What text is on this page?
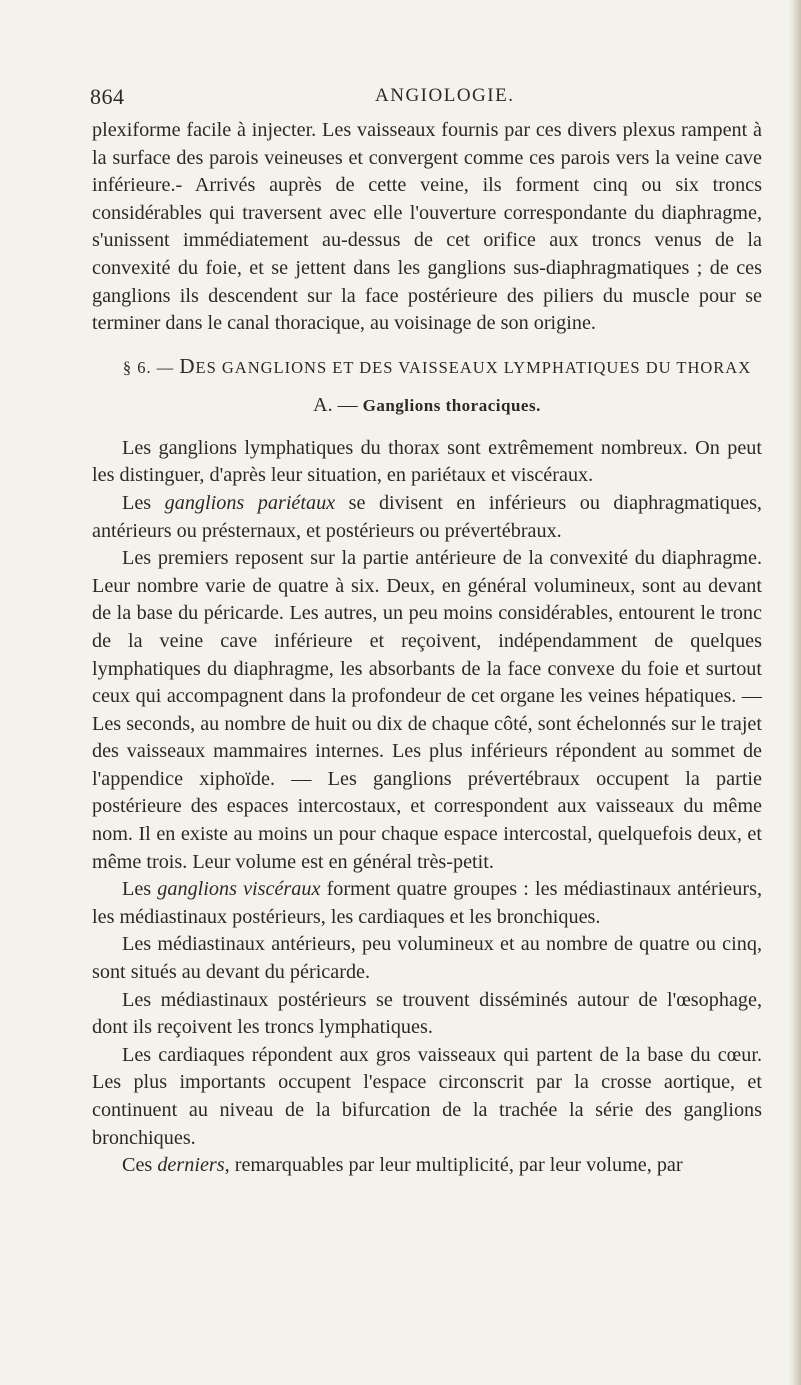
864	ANGIOLOGIE.

plexiforme facile à injecter. Les vaisseaux fournis par ces divers plexus rampent à la surface des parois veineuses et convergent comme ces parois vers la veine cave inférieure.- Arrivés auprès de cette veine, ils forment cinq ou six troncs considérables qui traversent avec elle l'ouverture correspondante du diaphragme, s'unissent immédiatement au-dessus de cet orifice aux troncs venus de la convexité du foie, et se jettent dans les ganglions sus-diaphragmatiques ; de ces ganglions ils descendent sur la face postérieure des piliers du muscle pour se terminer dans le canal thoracique, au voisinage de son origine.

§ 6. — DES GANGLIONS ET DES VAISSEAUX LYMPHATIQUES DU THORAX
A. — Ganglions thoraciques.

Les ganglions lymphatiques du thorax sont extrêmement nombreux. On peut les distinguer, d'après leur situation, en pariétaux et viscéraux.

Les ganglions pariétaux se divisent en inférieurs ou diaphragmatiques, antérieurs ou présternaux, et postérieurs ou prévertébraux.

Les premiers reposent sur la partie antérieure de la convexité du diaphragme. Leur nombre varie de quatre à six. Deux, en général volumineux, sont au devant de la base du péricarde. Les autres, un peu moins considérables, entourent le tronc de la veine cave inférieure et reçoivent, indépendamment de quelques lymphatiques du diaphragme, les absorbants de la face convexe du foie et surtout ceux qui accompagnent dans la profondeur de cet organe les veines hépatiques. — Les seconds, au nombre de huit ou dix de chaque côté, sont échelonnés sur le trajet des vaisseaux mammaires internes. Les plus inférieurs répondent au sommet de l'appendice xiphoïde. — Les ganglions prévertébraux occupent la partie postérieure des espaces intercostaux, et correspondent aux vaisseaux du même nom. Il en existe au moins un pour chaque espace intercostal, quelquefois deux, et même trois. Leur volume est en général très-petit.

Les ganglions viscéraux forment quatre groupes : les médiastinaux antérieurs, les médiastinaux postérieurs, les cardiaques et les bronchiques.

Les médiastinaux antérieurs, peu volumineux et au nombre de quatre ou cinq, sont situés au devant du péricarde.

Les médiastinaux postérieurs se trouvent disséminés autour de l'œsophage, dont ils reçoivent les troncs lymphatiques.

Les cardiaques répondent aux gros vaisseaux qui partent de la base du cœur. Les plus importants occupent l'espace circonscrit par la crosse aortique, et continuent au niveau de la bifurcation de la trachée la série des ganglions bronchiques.

Ces derniers, remarquables par leur multiplicité, par leur volume, par
